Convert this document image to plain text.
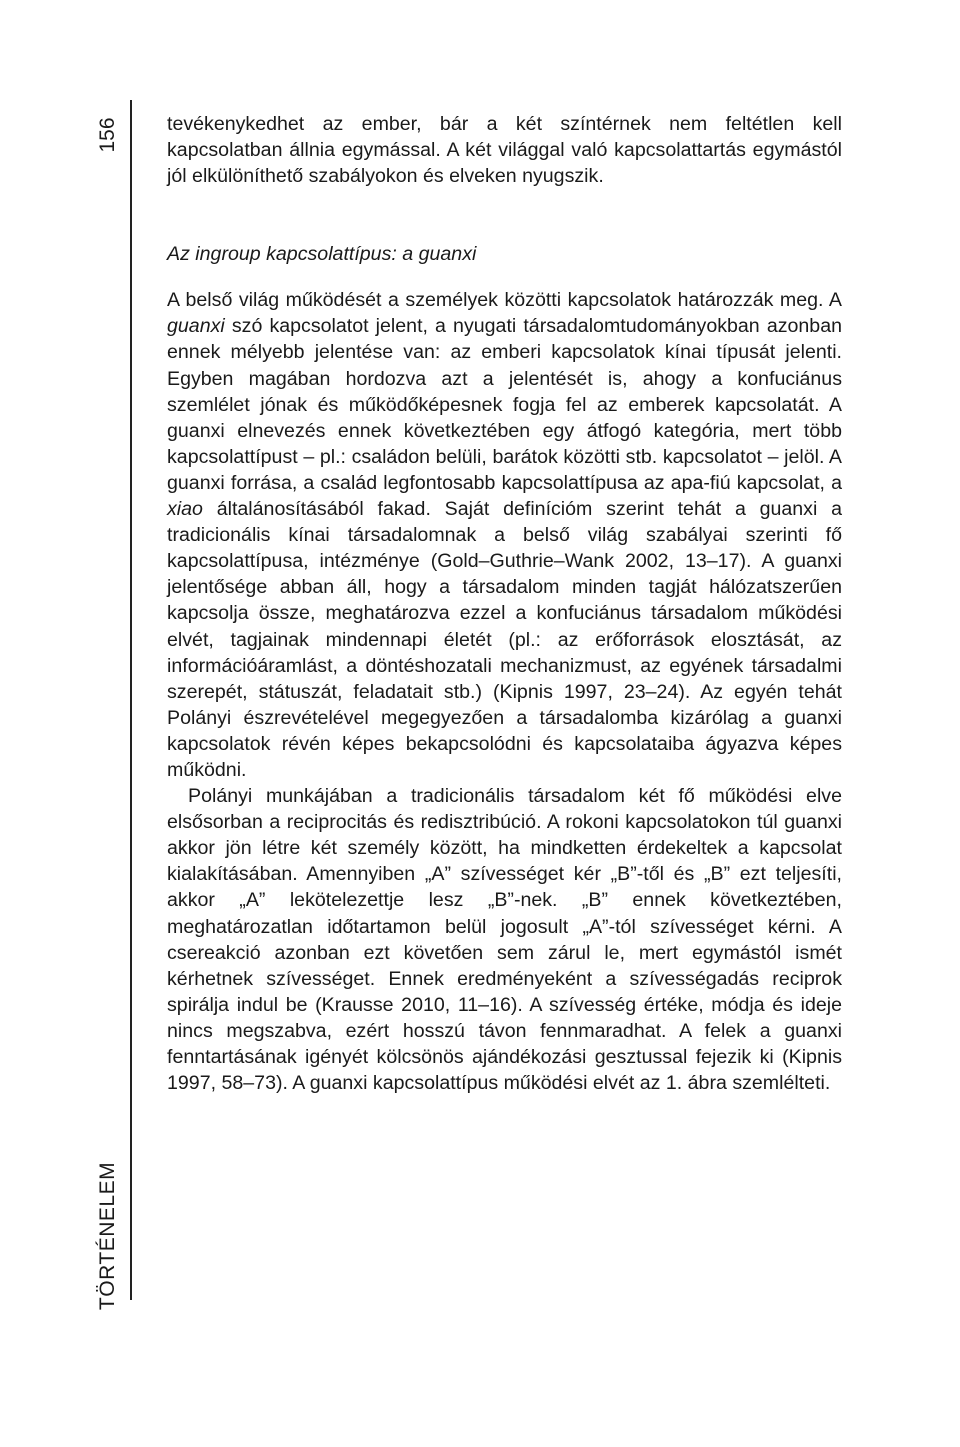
156
TÖRTÉNELEM

tevékenykedhet az ember, bár a két színtérnek nem feltétlen kell kapcsolatban állnia egymással. A két világgal való kapcsolattartás egymástól jól elkülöníthető szabályokon és elveken nyugszik.

Az ingroup kapcsolattípus: a guanxi

A belső világ működését a személyek közötti kapcsolatok határozzák meg. A guanxi szó kapcsolatot jelent, a nyugati társadalomtudományokban azonban ennek mélyebb jelentése van: az emberi kapcsolatok kínai típusát jelenti. Egyben magában hordozva azt a jelentését is, ahogy a konfuciánus szemlélet jónak és működőképesnek fogja fel az emberek kapcsolatát. A guanxi elnevezés ennek következtében egy átfogó kategória, mert több kapcsolattípust – pl.: családon belüli, barátok közötti stb. kapcsolatot – jelöl. A guanxi forrása, a család legfontosabb kapcsolattípusa az apa-fiú kapcsolat, a xiao általánosításából fakad. Saját definícióm szerint tehát a guanxi a tradicionális kínai társadalomnak a belső világ szabályai szerinti fő kapcsolattípusa, intézménye (Gold–Guthrie–Wank 2002, 13–17). A guanxi jelentősége abban áll, hogy a társadalom minden tagját hálózatszerűen kapcsolja össze, meghatározva ezzel a konfuciánus társadalom működési elvét, tagjainak mindennapi életét (pl.: az erőforrások elosztását, az információáramlást, a döntéshozatali mechanizmust, az egyének társadalmi szerepét, státuszát, feladatait stb.) (Kipnis 1997, 23–24). Az egyén tehát Polányi észrevételével megegyezően a társadalomba kizárólag a guanxi kapcsolatok révén képes bekapcsolódni és kapcsolataiba ágyazva képes működni.

Polányi munkájában a tradicionális társadalom két fő működési elve elsősorban a reciprocitás és redisztribúció. A rokoni kapcsolatokon túl guanxi akkor jön létre két személy között, ha mindketten érdekeltek a kapcsolat kialakításában. Amennyiben „A” szívességet kér „B”-től és „B” ezt teljesíti, akkor „A” lekötelezettje lesz „B”-nek. „B” ennek következtében, meghatározatlan időtartamon belül jogosult „A”-tól szívességet kérni. A csereakció azonban ezt követően sem zárul le, mert egymástól ismét kérhetnek szívességet. Ennek eredményeként a szívességadás reciprok spirálja indul be (Krausse 2010, 11–16). A szívesség értéke, módja és ideje nincs megszabva, ezért hosszú távon fennmaradhat. A felek a guanxi fenntartásának igényét kölcsönös ajándékozási gesztussal fejezik ki (Kipnis 1997, 58–73). A guanxi kapcsolattípus működési elvét az 1. ábra szemlélteti.
